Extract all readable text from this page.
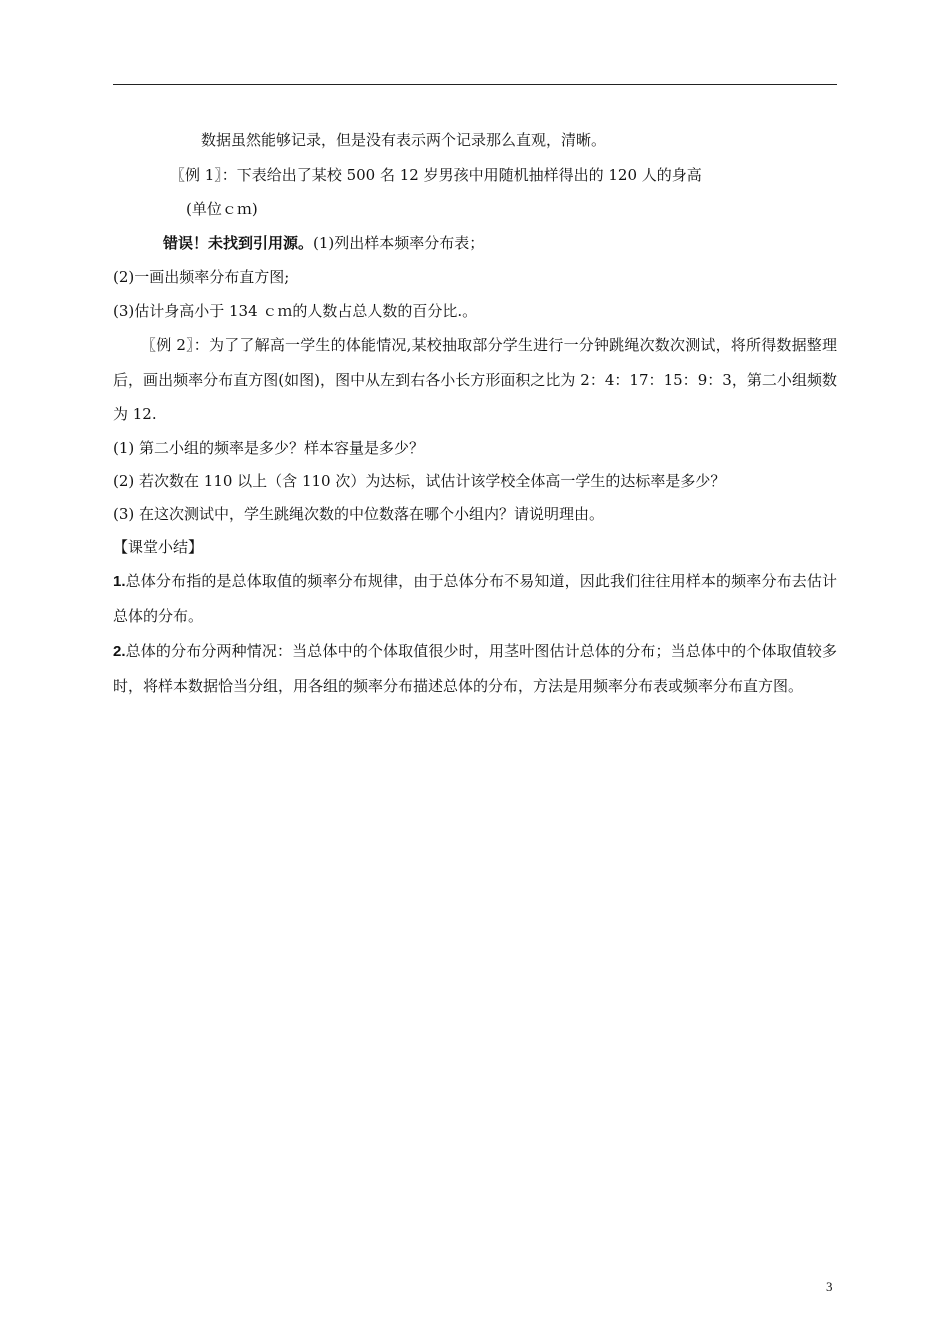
数据虽然能够记录，但是没有表示两个记录那么直观，清晰。

〖例 1〗：下表给出了某校 500 名 12 岁男孩中用随机抽样得出的 120 人的身高

(单位ｃｍ)

错误！未找到引用源。(1)列出样本频率分布表；

(2)一画出频率分布直方图;

(3)估计身高小于 134 ｃｍ的人数占总人数的百分比.。

〖例 2〗：为了了解高一学生的体能情况,某校抽取部分学生进行一分钟跳绳次数次测试，将所得数据整理后，画出频率分布直方图(如图)，图中从左到右各小长方形面积之比为 2：4：17：15：9：3，第二小组频数为 12.

(1) 第二小组的频率是多少？样本容量是多少？

(2) 若次数在 110 以上（含 110 次）为达标，试估计该学校全体高一学生的达标率是多少？

(3) 在这次测试中，学生跳绳次数的中位数落在哪个小组内？请说明理由。

【课堂小结】

1.总体分布指的是总体取值的频率分布规律，由于总体分布不易知道，因此我们往往用样本的频率分布去估计总体的分布。

2.总体的分布分两种情况：当总体中的个体取值很少时，用茎叶图估计总体的分布；当总体中的个体取值较多时，将样本数据恰当分组，用各组的频率分布描述总体的分布，方法是用频率分布表或频率分布直方图。

3
